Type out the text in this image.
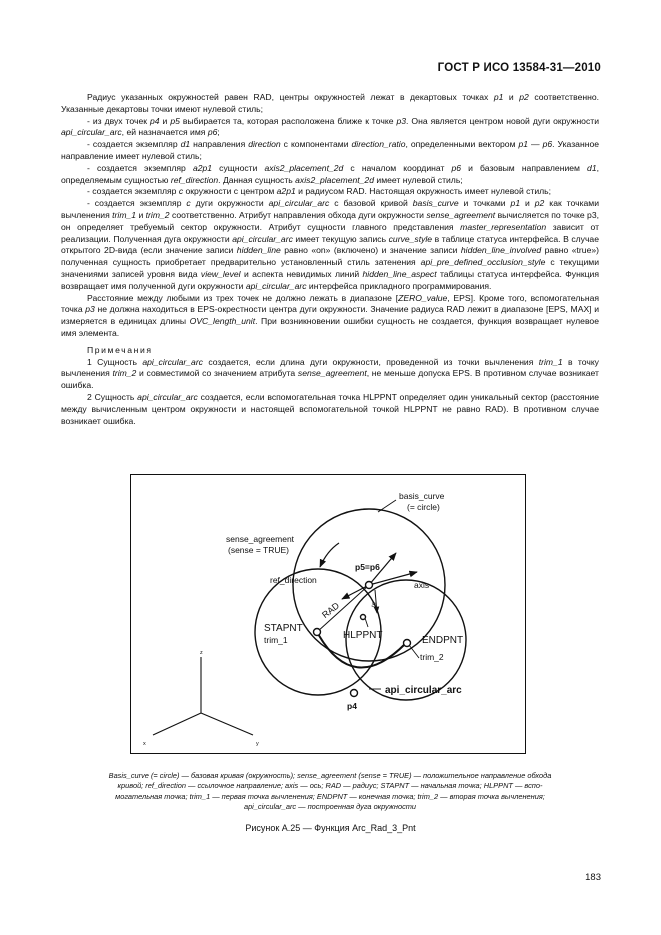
ГОСТ Р ИСО 13584-31—2010

Радиус указанных окружностей равен RAD, центры окружностей лежат в декартовых точках p1 и p2 соответственно. Указанные декартовы точки имеют нулевой стиль;

- из двух точек p4 и p5 выбирается та, которая расположена ближе к точке p3. Она является центром новой дуги окружности api_circular_arc, ей назначается имя p6;

- создается экземпляр d1 направления direction с компонентами direction_ratio, определенными вектором p1 — p6. Указанное направление имеет нулевой стиль;

- создается экземпляр a2p1 сущности axis2_placement_2d с началом координат p6 и базовым направлением d1, определяемым сущностью ref_direction. Данная сущность axis2_placement_2d имеет нулевой стиль;

- создается экземпляр c окружности с центром a2p1 и радиусом RAD. Настоящая окружность имеет нулевой стиль;

- создается экземпляр c дуги окружности api_circular_arc с базовой кривой basis_curve и точками p1 и p2 как точками вычленения trim_1 и trim_2 соответственно. Атрибут направления обхода дуги окружности sense_agreement вычисляется по точке p3, он определяет требуемый сектор окружности. Атрибут сущности главного представления master_representation зависит от реализации. Полученная дуга окружности api_circular_arc имеет текущую запись curve_style в таблице статуса интерфейса. В случае открытого 2D-вида (если значение записи hidden_line равно «on» (включено) и значение записи hidden_line_involved равно «true») полученная сущность приобретает предварительно установленный стиль затенения api_pre_defined_occlusion_style с текущими значениями записей уровня вида view_level и аспекта невидимых линий hidden_line_aspect таблицы статуса интерфейса. Функция возвращает имя полученной дуги окружности api_circular_arc интерфейса прикладного программирования.

Расстояние между любыми из трех точек не должно лежать в диапазоне [ZERO_value, EPS]. Кроме того, вспомогательная точка p3 не должна находиться в EPS-окрестности центра дуги окружности. Значение радиуса RAD лежит в диапазоне [EPS, MAX] и измеряется в единицах длины OVC_length_unit. При возникновении ошибки сущность не создается, функция возвращает нулевое имя элемента.

Примечания

1 Сущность api_circular_arc создается, если длина дуги окружности, проведенной из точки вычленения trim_1 в точку вычленения trim_2 и совместимой со значением атрибута sense_agreement, не меньше допуска EPS. В противном случае возникает ошибка.

2 Сущность api_circular_arc создается, если вспомогательная точка HLPPNT определяет один уникальный сектор (расстояние между вычисленным центром окружности и настоящей вспомогательной точкой HLPPNT не равно RAD). В противном случае возникает ошибка.

basis_curve
(= circle)
sense_agreement
(sense = TRUE)
ref_direction
p5=p6
axis
RAD	re
STAPNT
trim_1	HLPPNT	ENDPNT
trim_2
api_circular_arc
p4
z
x	y
Basis_curve (= circle) — базовая кривая (окружность); sense_agreement (sense = TRUE) — положительное направление обхода
кривой; ref_direction — ссылочное направление; axis — ось; RAD — радиус; STAPNT — начальная точка; HLPPNT — вспо-
могательная точка; trim_1 — первая точка вычленения; ENDPNT — конечная точка; trim_2 — вторая точка вычленения;
api_circular_arc — построенная дуга окружности
Рисунок А.25 — Функция Arc_Rad_3_Pnt
183
